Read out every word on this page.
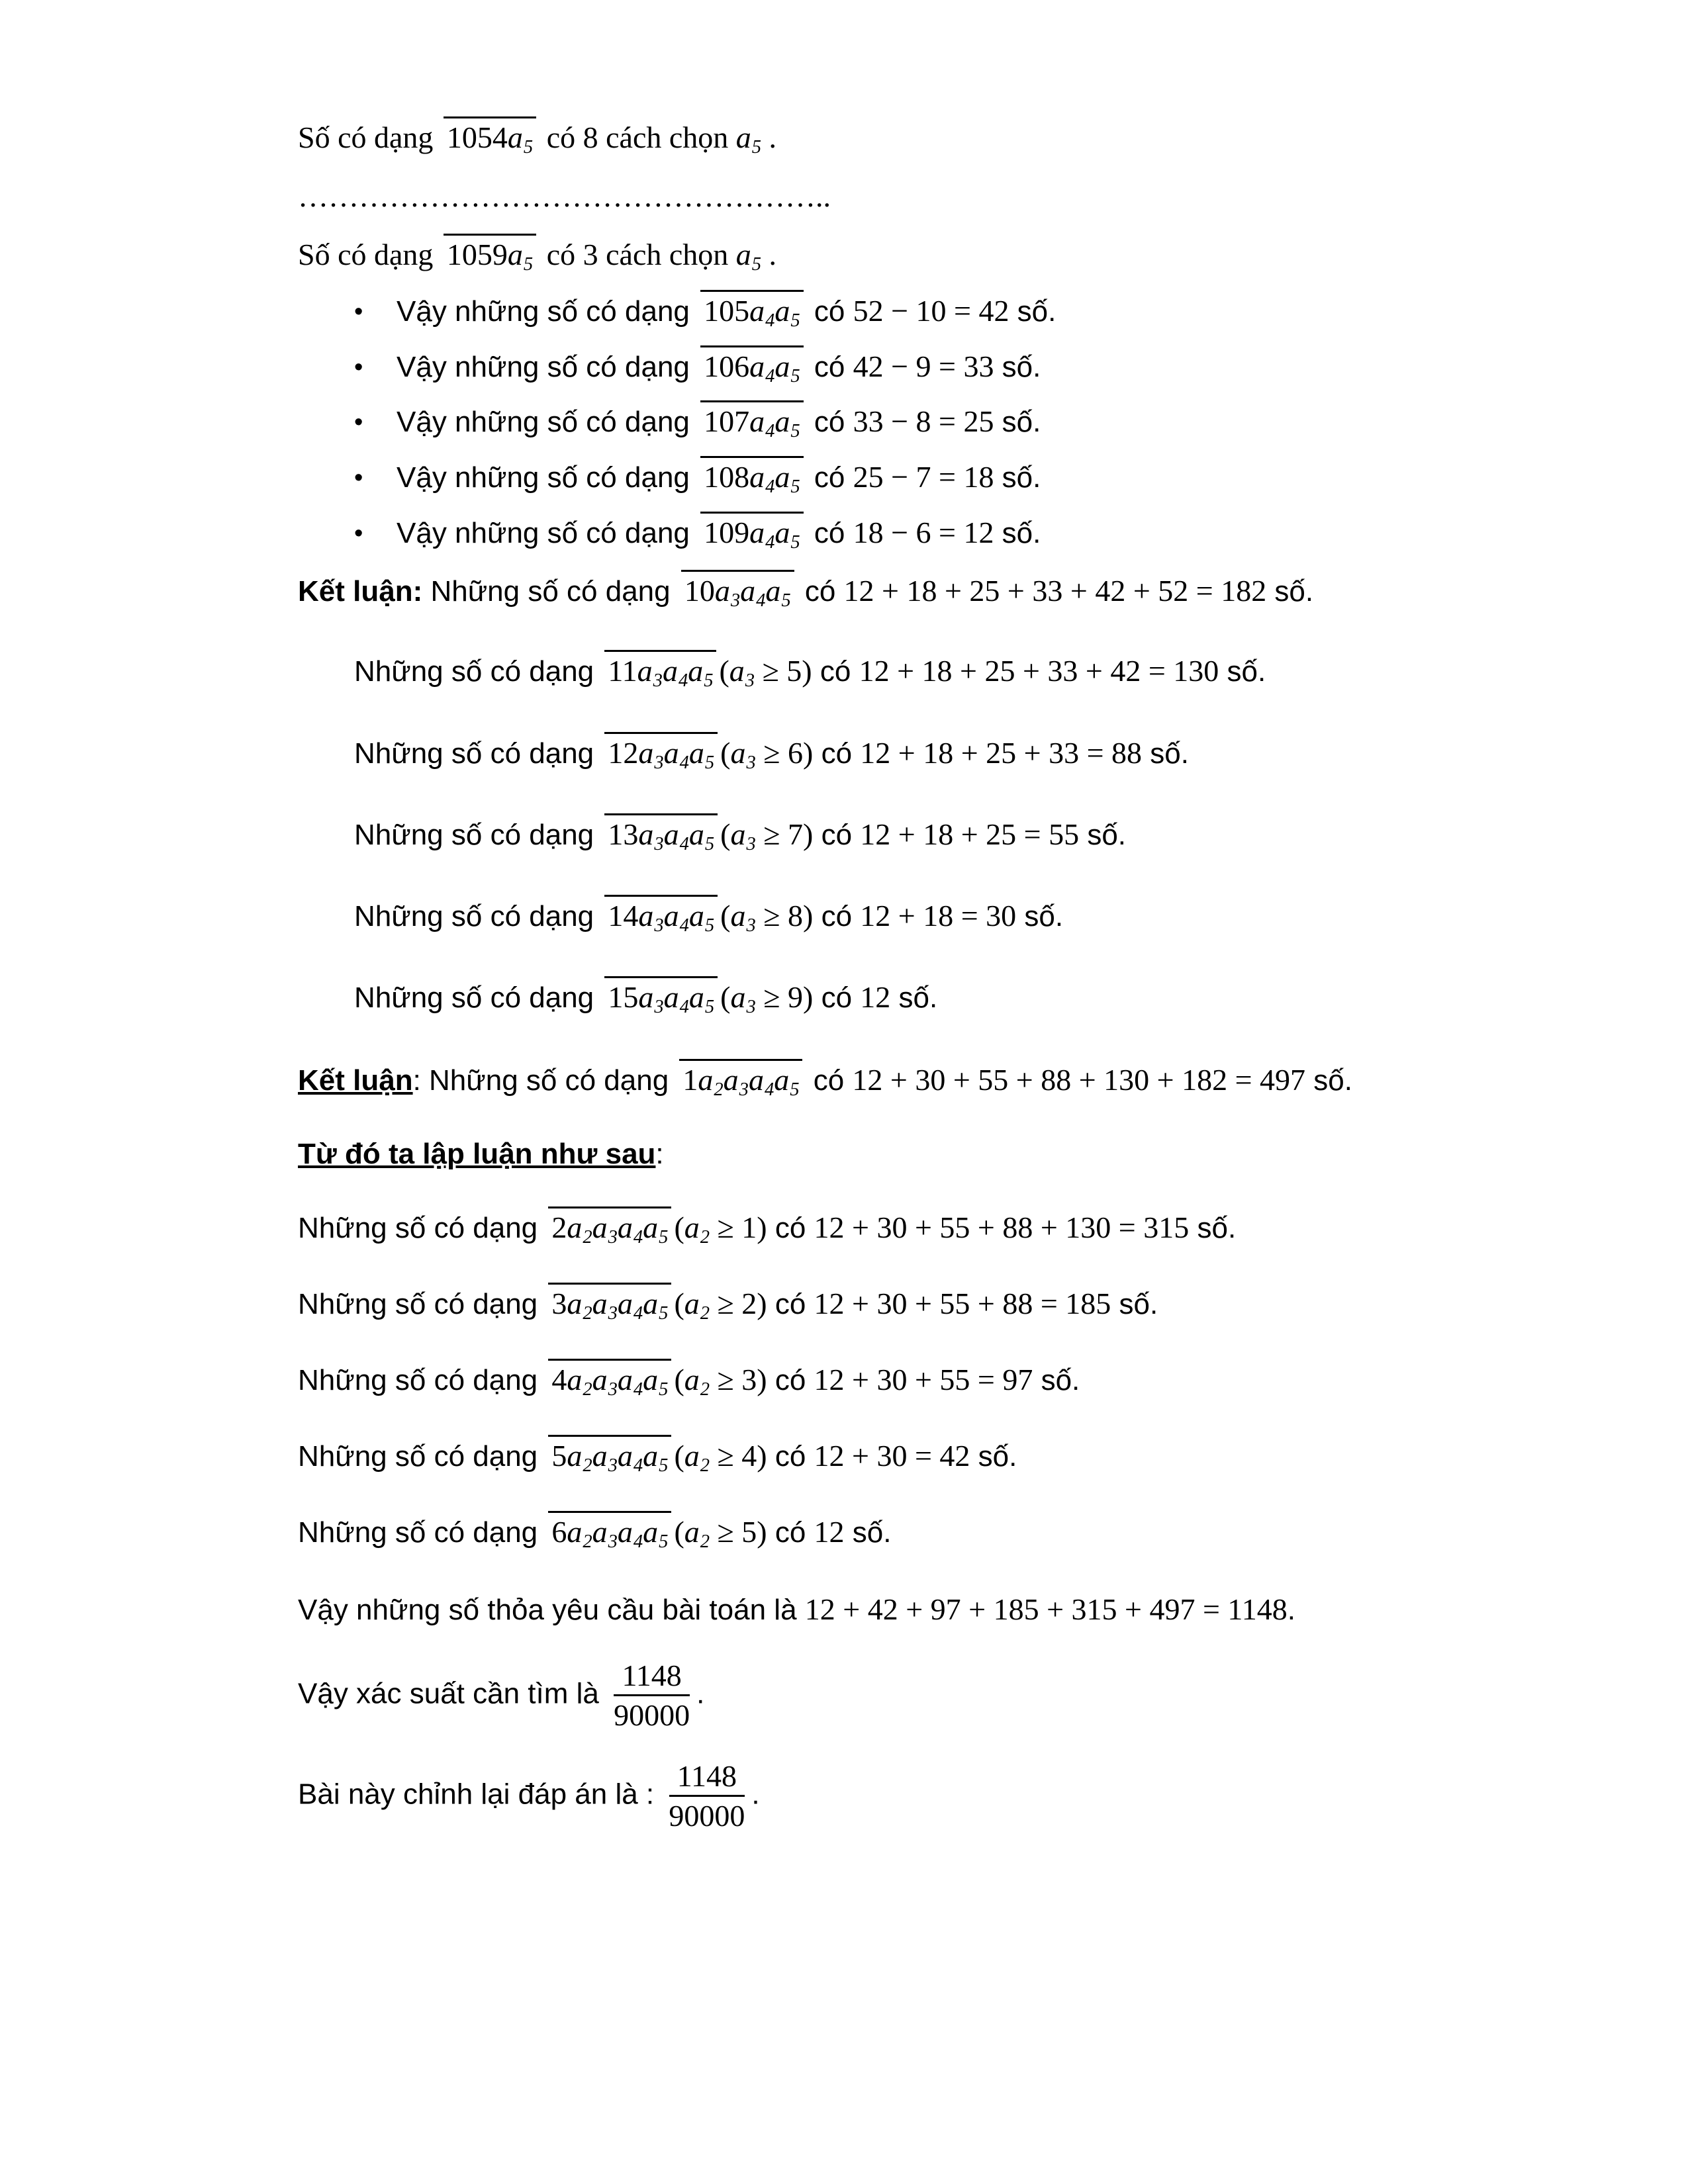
Số có dạng $1054a_5$ có 8 cách chọn $a_5$ .
……………………………………………..
Số có dạng $1059a_5$ có 3 cách chọn $a_5$ .
• Vậy những số có dạng $105a_4a_5$ có 52 − 10 = 42 số.
• Vậy những số có dạng $106a_4a_5$ có 42 − 9 = 33 số.
• Vậy những số có dạng $107a_4a_5$ có 33 − 8 = 25 số.
• Vậy những số có dạng $108a_4a_5$ có 25 − 7 = 18 số.
• Vậy những số có dạng $109a_4a_5$ có 18 − 6 = 12 số.
Kết luận: Những số có dạng $10a_3a_4a_5$ có 12 + 18 + 25 + 33 + 42 + 52 = 182 số.
Những số có dạng $11a_3a_4a_5$ $(a_3 \ge 5)$ có 12 + 18 + 25 + 33 + 42 = 130 số.
Những số có dạng $12a_3a_4a_5$ $(a_3 \ge 6)$ có 12 + 18 + 25 + 33 = 88 số.
Những số có dạng $13a_3a_4a_5$ $(a_3 \ge 7)$ có 12 + 18 + 25 = 55 số.
Những số có dạng $14a_3a_4a_5$ $(a_3 \ge 8)$ có 12 + 18 = 30 số.
Những số có dạng $15a_3a_4a_5$ $(a_3 \ge 9)$ có 12 số.
Kết luận: Những số có dạng $1a_2a_3a_4a_5$ có 12 + 30 + 55 + 88 + 130 + 182 = 497 số.
Từ đó ta lập luận như sau:
Những số có dạng $2a_2a_3a_4a_5$ $(a_2 \ge 1)$ có 12 + 30 + 55 + 88 + 130 = 315 số.
Những số có dạng $3a_2a_3a_4a_5$ $(a_2 \ge 2)$ có 12 + 30 + 55 + 88 = 185 số.
Những số có dạng $4a_2a_3a_4a_5$ $(a_2 \ge 3)$ có 12 + 30 + 55 = 97 số.
Những số có dạng $5a_2a_3a_4a_5$ $(a_2 \ge 4)$ có 12 + 30 = 42 số.
Những số có dạng $6a_2a_3a_4a_5$ $(a_2 \ge 5)$ có 12 số.
Vậy những số thỏa yêu cầu bài toán là 12 + 42 + 97 + 185 + 315 + 497 = 1148.
Vậy xác suất cần tìm là $\frac{1148}{90000}$ .
Bài này chỉnh lại đáp án là : $\frac{1148}{90000}$ .
